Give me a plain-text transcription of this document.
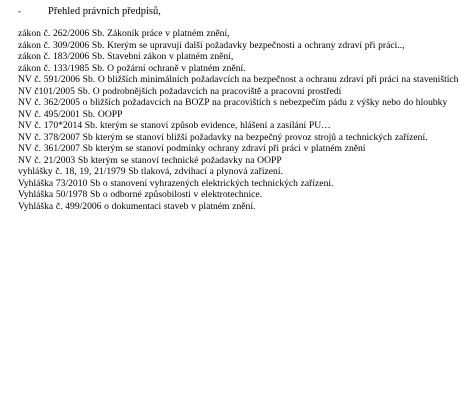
-	Přehled právních předpisů,
zákon č. 262/2006 Sb. Zákoník práce v platném znění,
zákon č. 309/2006 Sb. Kterým se upravují další požadavky bezpečnosti a ochrany zdraví při práci..,
zákon č. 183/2006 Sb. Stavební zákon v platném znění,
zákon č. 133/1985 Sb. O požární ochraně v platném znění.
NV č. 591/2006 Sb. O bližších minimálních požadavcích na bezpečnost a ochranu zdraví při práci na staveništích
NV č101/2005 Sb. O podrobnějších požadavcích na pracoviště a pracovní prostředí
NV č. 362/2005 o bližších požadavcích na BOZP na pracovištích s nebezpečím pádu z výšky nebo do hloubky
NV č. 495/2001 Sb. OOPP
NV č. 170*2014 Sb. kterým se stanoví způsob evidence, hlášení a zasílání PU…
NV č. 378/2007 Sb kterým se stanoví bližší požadavky na bezpečný provoz strojů a technických zařízení.
NV č. 361/2007 Sb kterým se stanoví podmínky ochrany zdraví při práci v platném znění
NV č. 21/2003 Sb kterým se stanoví technické požadavky na OOPP
vyhlášky č. 18, 19, 21/1979 Sb tlaková, zdvihací a plynová zařízení.
Vyhláška 73/2010 Sb o stanovení vyhrazených elektrických technických zařízení.
Vyhláška 50/1978 Sb o odborné způsobilosti v elektrotechnice.
Vyhláška č. 499/2006 o dokumentaci staveb v platném znění.
